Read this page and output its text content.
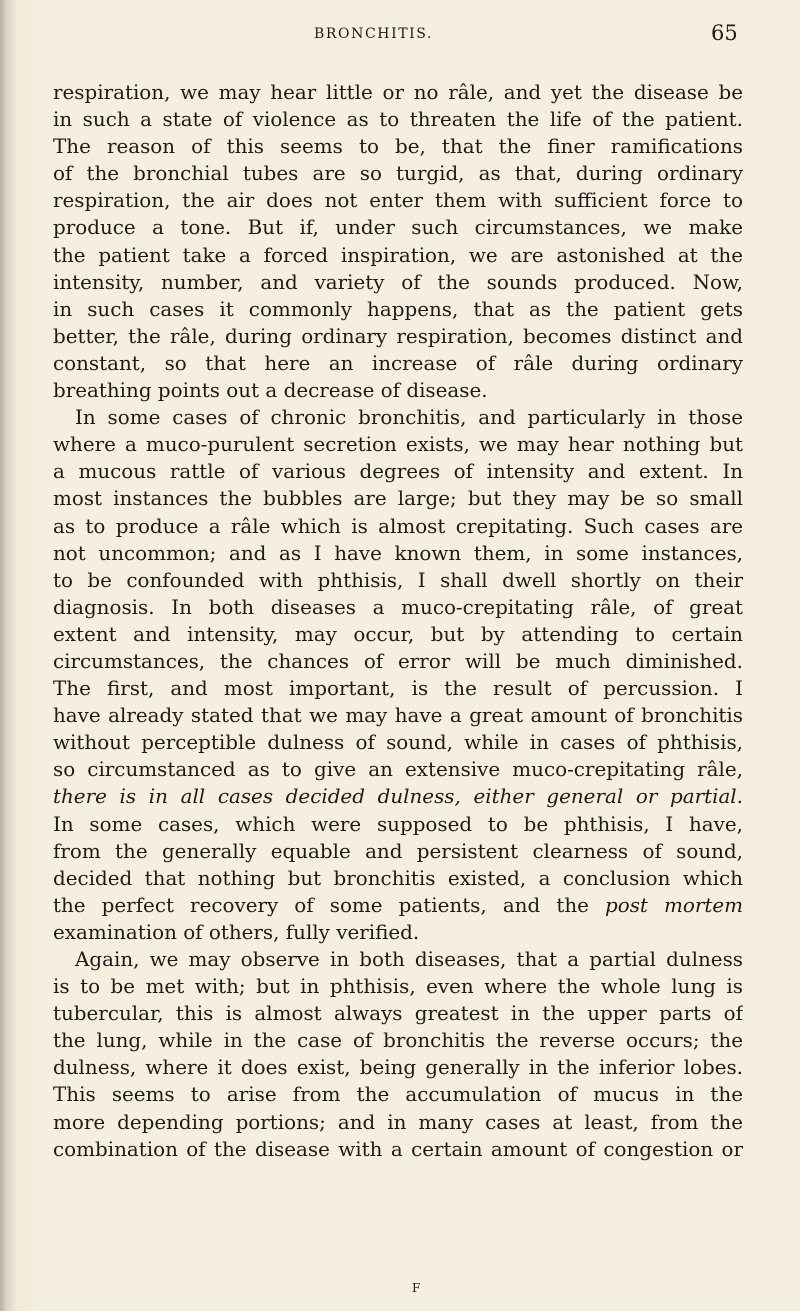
BRONCHITIS.	65
respiration, we may hear little or no râle, and yet the disease be
in such a state of violence as to threaten the life of the patient.
The reason of this seems to be, that the finer ramifications
of the bronchial tubes are so turgid, as that, during ordinary
respiration, the air does not enter them with sufficient force to
produce a tone. But if, under such circumstances, we make
the patient take a forced inspiration, we are astonished at the
intensity, number, and variety of the sounds produced. Now,
in such cases it commonly happens, that as the patient gets
better, the râle, during ordinary respiration, becomes distinct and
constant, so that here an increase of râle during ordinary
breathing points out a decrease of disease.
In some cases of chronic bronchitis, and particularly in those
where a muco-purulent secretion exists, we may hear nothing but
a mucous rattle of various degrees of intensity and extent. In
most instances the bubbles are large; but they may be so small
as to produce a râle which is almost crepitating. Such cases are
not uncommon; and as I have known them, in some instances,
to be confounded with phthisis, I shall dwell shortly on their
diagnosis. In both diseases a muco-crepitating râle, of great
extent and intensity, may occur, but by attending to certain
circumstances, the chances of error will be much diminished.
The first, and most important, is the result of percussion. I
have already stated that we may have a great amount of bronchitis
without perceptible dulness of sound, while in cases of phthisis,
so circumstanced as to give an extensive muco-crepitating râle,
there is in all cases decided dulness, either general or partial.
In some cases, which were supposed to be phthisis, I have,
from the generally equable and persistent clearness of sound,
decided that nothing but bronchitis existed, a conclusion which
the perfect recovery of some patients, and the post mortem
examination of others, fully verified.
Again, we may observe in both diseases, that a partial dulness
is to be met with; but in phthisis, even where the whole lung is
tubercular, this is almost always greatest in the upper parts of
the lung, while in the case of bronchitis the reverse occurs; the
dulness, where it does exist, being generally in the inferior lobes.
This seems to arise from the accumulation of mucus in the
more depending portions; and in many cases at least, from the
combination of the disease with a certain amount of congestion or
F
